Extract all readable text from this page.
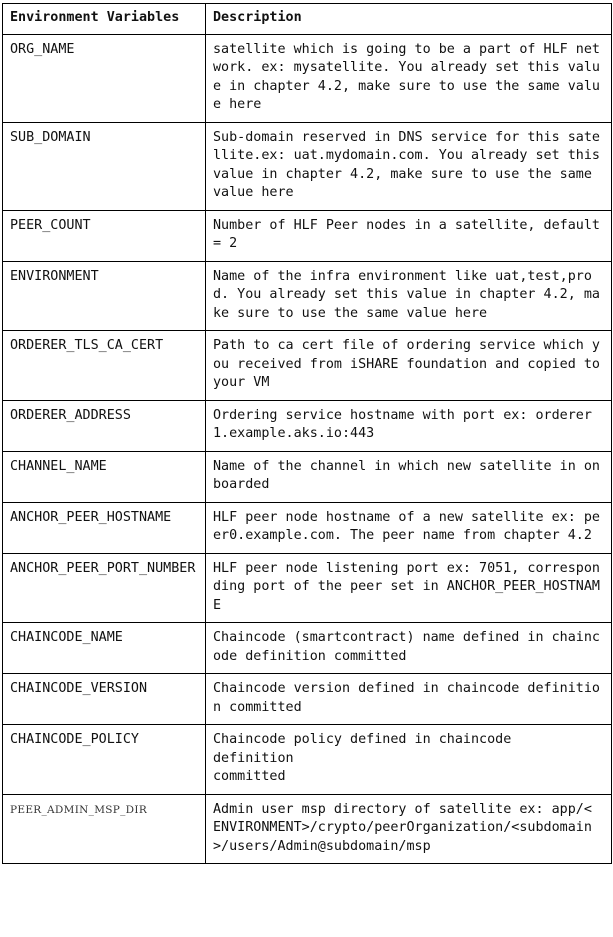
Environment Variables	Description
ORG_NAME	satellite which is going to be a part of HLF network. ex: mysatellite. You already set this value in chapter 4.2, make sure to use the same value here
SUB_DOMAIN	Sub-domain reserved in DNS service for this satellite.ex: uat.mydomain.com. You already set this value in chapter 4.2, make sure to use the same value here
PEER_COUNT	Number of HLF Peer nodes in a satellite, default = 2
ENVIRONMENT	Name of the infra environment like uat,test,prod. You already set this value in chapter 4.2, make sure to use the same value here
ORDERER_TLS_CA_CERT	Path to ca cert file of ordering service which you received from iSHARE foundation and copied to your VM
ORDERER_ADDRESS	Ordering service hostname with port ex: orderer1.example.aks.io:443
CHANNEL_NAME	Name of the channel in which new satellite in on boarded
ANCHOR_PEER_HOSTNAME	HLF peer node hostname of a new satellite ex: peer0.example.com. The peer name from chapter 4.2
ANCHOR_PEER_PORT_NUMBER	HLF peer node listening port ex: 7051, corresponding port of the peer set in ANCHOR_PEER_HOSTNAME
CHAINCODE_NAME	Chaincode (smartcontract) name defined in chaincode definition committed
CHAINCODE_VERSION	Chaincode version defined in chaincode definition committed
CHAINCODE_POLICY	Chaincode policy defined in chaincode
definition
committed

PEER_ADMIN_MSP_DIR	Admin user msp directory of satellite ex: app/<
ENVIRONMENT>/crypto/peerOrganization/<subdomain>/users/Admin@subdomain/msp
